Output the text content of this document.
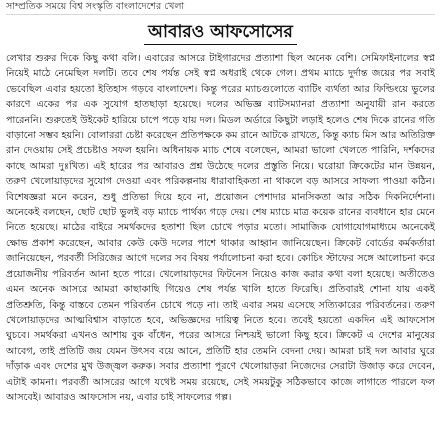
সাম্প্রতিক সময়ে বিশ্ব সংস্কৃতি বাংলাদেশের খেলা
আবারও আফসোসের

লেখার শুরুর দিকে কিছু কথা বলি। এবারের আসরে টাইগারদের প্রত্যাশা ছিল অনেক বেশি। সেমিফাইনালের স্বপ্ন নিয়েই মাঠে নেমেছিল দলটি। তবে শেষ পর্যন্ত সেই স্বপ্ন অধরাই থেকে গেল। প্রথম ম্যাচে দুর্দান্ত জয়ের পর সবাই ভেবেছিল এবার হয়তো ইতিহাস গড়বে বাংলাদেশ। কিন্তু পরের ম্যাচগুলোতে ব্যাটিং ব্যর্থতা আর ফিল্ডিংয়ে ভুলের কারণে একের পর এক সুযোগ হাতছাড়া হয়েছে। দলের অভিজ্ঞ ব্যাটসম্যানরা প্রত্যাশা অনুযায়ী রান করতে পারেননি। শুরুতেই উইকেট হারিয়ে চাপে পড়ে যায় দল। মিডল অর্ডারে কিছুটা লড়াই হলেও শেষ দিকে রানের গতি বাড়ানো সম্ভব হয়নি। বোলাররা চেষ্টা করেছেন প্রতিপক্ষকে কম রানে আটকে রাখতে, কিন্তু ক্যাচ মিস আর অতিরিক্ত রান দেওয়ায় সেই প্রচেষ্টাও সফল হয়নি। অধিনায়ক ম্যাচ শেষে বলেছেন, আমরা ভালো খেলতে পারিনি, দর্শকদের কাছে আমরা দুঃখিত। এই হারের পর আবারও প্রশ্ন উঠেছে দলের প্রস্তুতি নিয়ে। ঘরোয়া ক্রিকেটের মান উন্নয়ন, তরুণ খেলোয়াড়দের সুযোগ দেওয়া এবং পরিকল্পনায় ধারাবাহিকতা না থাকলে বড় আসরে সাফল্য পাওয়া কঠিন। বিশেষজ্ঞরা মনে করেন, শুধু প্রতিভা দিয়ে হবে না, প্রয়োজন পেশাদার মানসিকতা আর সঠিক দিকনির্দেশনা। অনেকেই বলছেন, ছোট ছোট ভুলই বড় ম্যাচে পার্থক্য গড়ে দেয়। শেষ ম্যাচে মাত্র কয়েক রানের ব্যবধানে হার মেনে নিতে হয়েছে। মাঠের বাইরে সমর্থকদের হতাশা ছিল চোখে পড়ার মতো। সামাজিক যোগাযোগমাধ্যমে অনেকেই ক্ষোভ প্রকাশ করেছেন, আবার কেউ কেউ দলের পাশে থাকার আহ্বান জানিয়েছেন। ক্রিকেট বোর্ডের কর্মকর্তারা জানিয়েছেন, পরবর্তী সিরিজের আগে দলের সব বিষয় পর্যালোচনা করা হবে। কোচিং স্টাফের সঙ্গে আলোচনা করে প্রয়োজনীয় পরিবর্তন আনা হতে পারে। খেলোয়াড়দের ফিটনেস নিয়েও কাজ করার কথা বলা হয়েছে। অতীতেও এমন অনেক আসরে আমরা কাছাকাছি গিয়েও শেষ পর্যন্ত খালি হাতে ফিরেছি। প্রতিবারই শোনা যায় একই প্রতিশ্রুতি, কিন্তু বাস্তবে তেমন পরিবর্তন চোখে পড়ে না। তাই এবার সময় এসেছে সত্যিকারের পরিবর্তনের। তরুণ খেলোয়াড়দের আত্মবিশ্বাস বাড়াতে হবে, অভিজ্ঞদের দায়িত্ব নিতে হবে। তবেই হয়তো একদিন এই আফসোস ঘুচবে। সমর্থকরা এখনও আশায় বুক বাঁধেন, পরের আসরে নিশ্চয়ই ভালো কিছু হবে। ক্রিকেট এ দেশের মানুষের আবেগ, তাই প্রতিটি জয় যেমন উৎসব বয়ে আনে, প্রতিটি হার তেমনি বেদনা দেয়। আমরা চাই দল আবার ঘুরে দাঁড়াক এবং দেশের মুখ উজ্জ্বল করুক। সবার প্রত্যাশা পূরণে খেলোয়াড়রা নিজেদের সেরাটা উজাড় করে দেবেন, এটাই কামনা। পরবর্তী আসরের আগে যথেষ্ট সময় রয়েছে, সেই সময়টুকু সঠিকভাবে কাজে লাগাতে পারলে ফল আসবেই। আবারও আফসোস নয়, এবার চাই সাফল্যের গল্প।
